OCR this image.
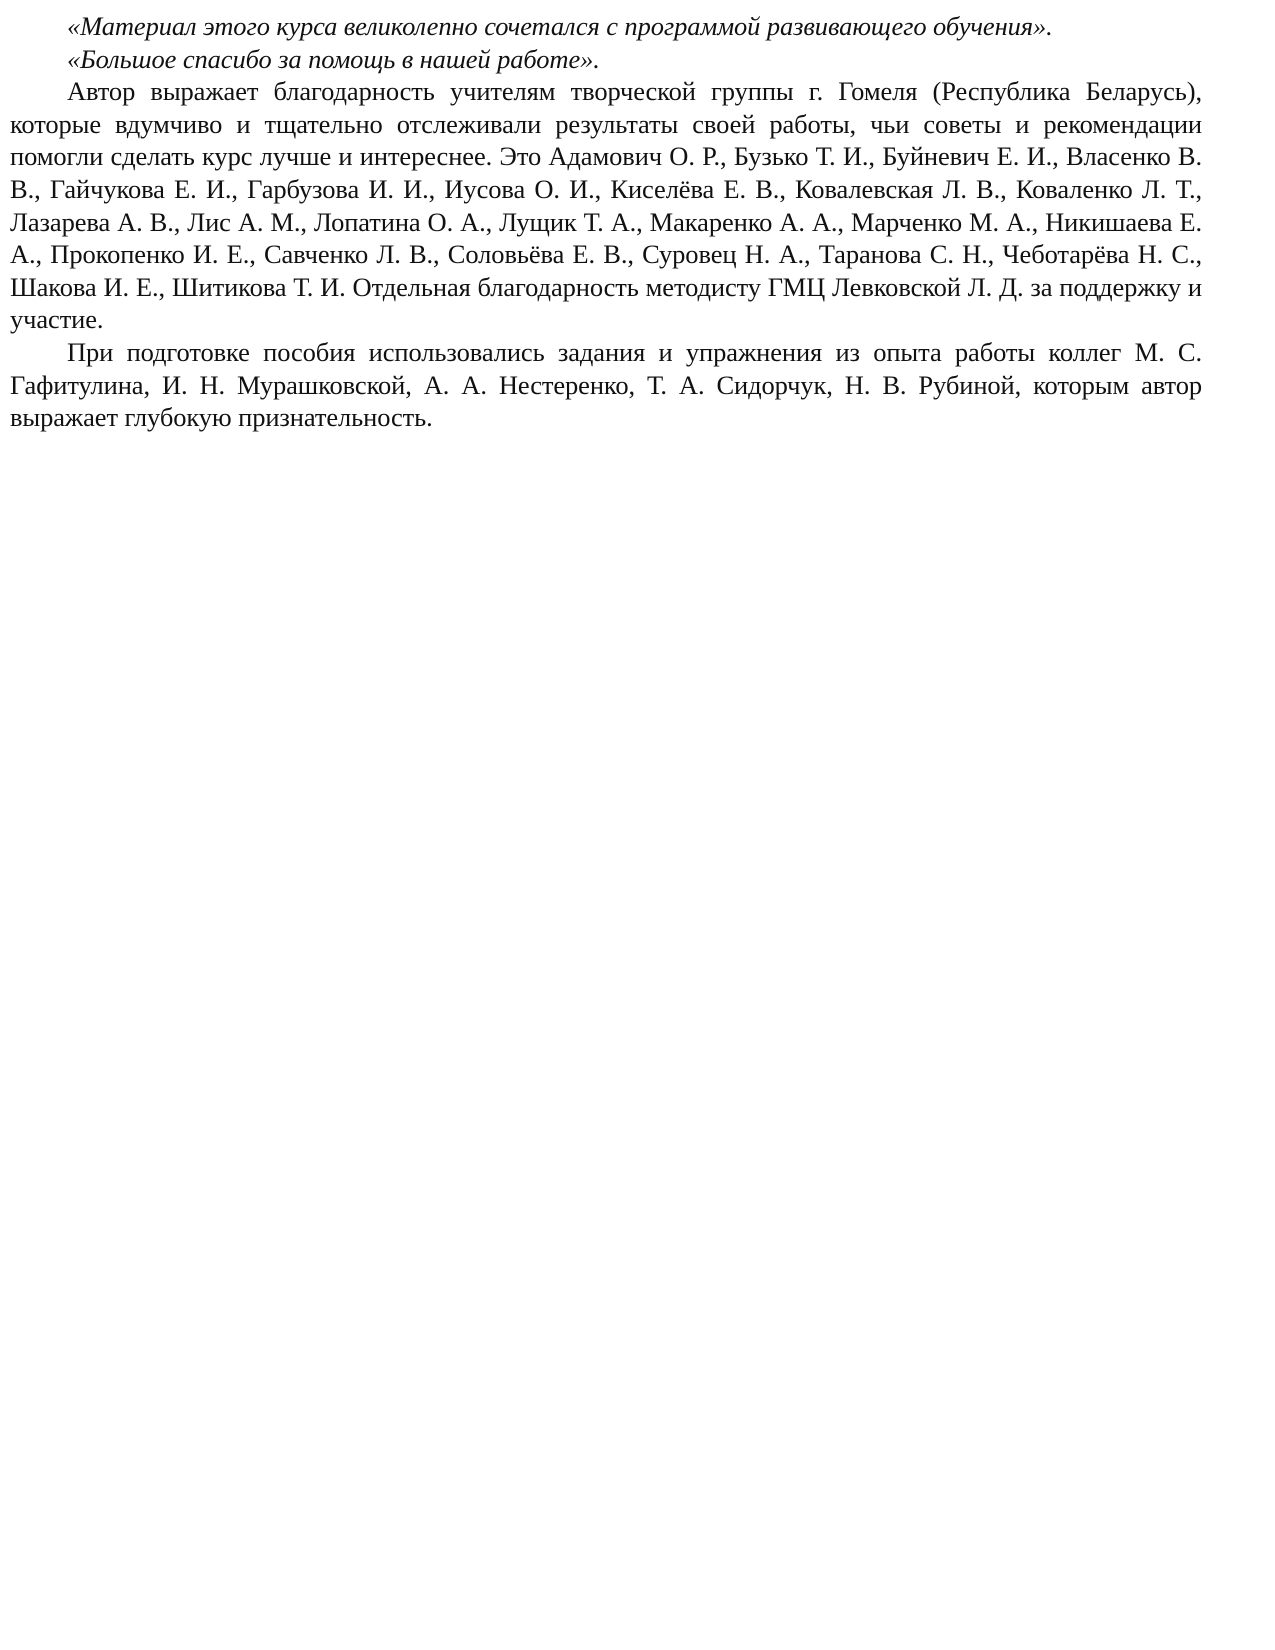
«Материал этого курса великолепно сочетался с программой развивающего обучения».

«Большое спасибо за помощь в нашей работе».

Автор выражает благодарность учителям творческой группы г. Гомеля (Республика Беларусь), которые вдумчиво и тщательно отслеживали результаты своей работы, чьи советы и рекомендации помогли сделать курс лучше и интереснее. Это Адамович О. Р., Бузько Т. И., Буйневич Е. И., Власенко В. В., Гайчукова Е. И., Гарбузова И. И., Иусова О. И., Киселёва Е. В., Ковалевская Л. В., Коваленко Л. Т., Лазарева А. В., Лис А. М., Лопатина О. А., Лущик Т. А., Макаренко А. А., Марченко М. А., Никишаева Е. А., Прокопенко И. Е., Савченко Л. В., Соловьёва Е. В., Суровец Н. А., Таранова С. Н., Чеботарёва Н. С., Шакова И. Е., Шитикова Т. И. Отдельная благодарность методисту ГМЦ Левковской Л. Д. за поддержку и участие.

При подготовке пособия использовались задания и упражнения из опыта работы коллег М. С. Гафитулина, И. Н. Мурашковской, А. А. Нестеренко, Т. А. Сидорчук, Н. В. Рубиной, которым автор выражает глубокую признательность.
